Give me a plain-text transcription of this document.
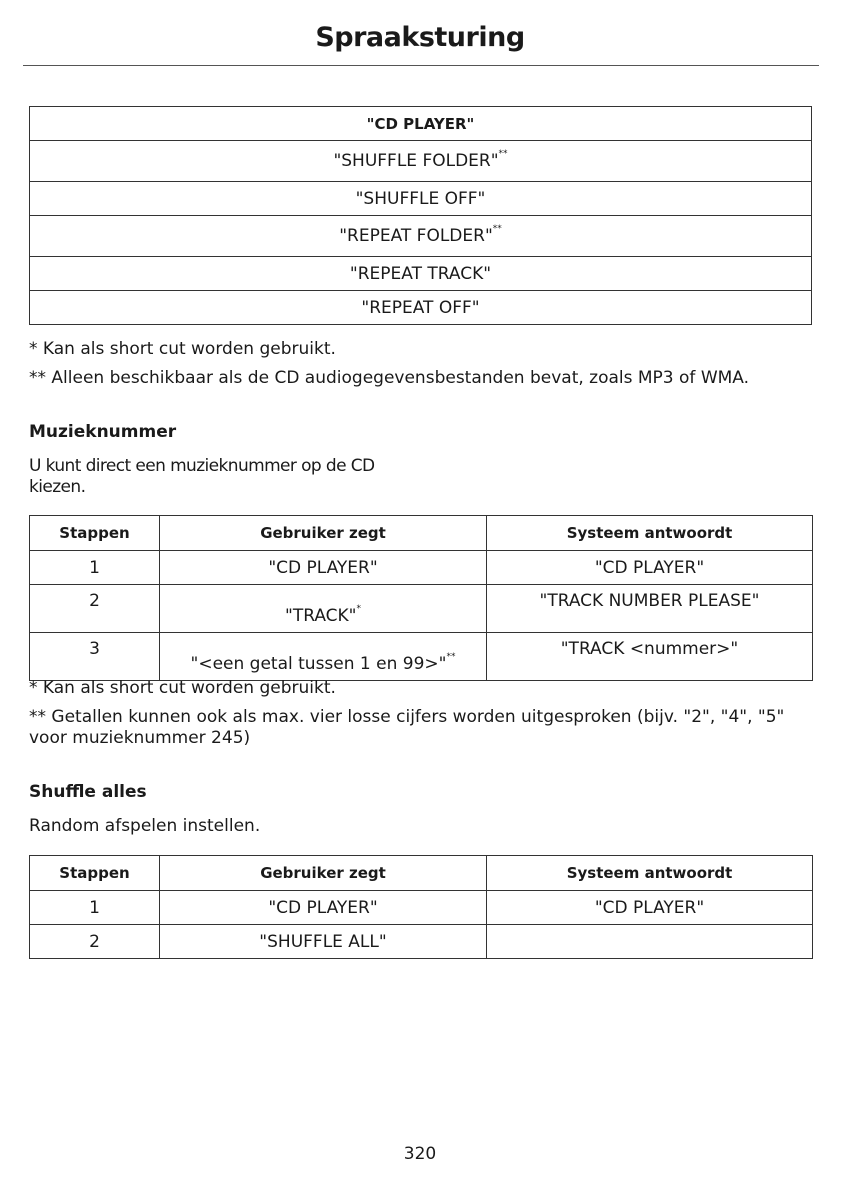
Spraaksturing
"CD PLAYER"
"SHUFFLE FOLDER"**
"SHUFFLE OFF"
"REPEAT FOLDER"**
"REPEAT TRACK"
"REPEAT OFF"
* Kan als short cut worden gebruikt.
** Alleen beschikbaar als de CD audiogegevensbestanden bevat, zoals MP3 of WMA.
Muzieknummer
U kunt direct een muzieknummer op de CD
kiezen.
Stappen	Gebruiker zegt	Systeem antwoordt
1	"CD PLAYER"	"CD PLAYER"
2	"TRACK"*	"TRACK NUMBER PLEASE"
3	"<een getal tussen 1 en 99>"**	"TRACK <nummer>"
* Kan als short cut worden gebruikt.
** Getallen kunnen ook als max. vier losse cijfers worden uitgesproken (bijv. "2", "4", "5"
voor muzieknummer 245)
Shuffle alles
Random afspelen instellen.
Stappen	Gebruiker zegt	Systeem antwoordt
1	"CD PLAYER"	"CD PLAYER"
2	"SHUFFLE ALL"	
320
